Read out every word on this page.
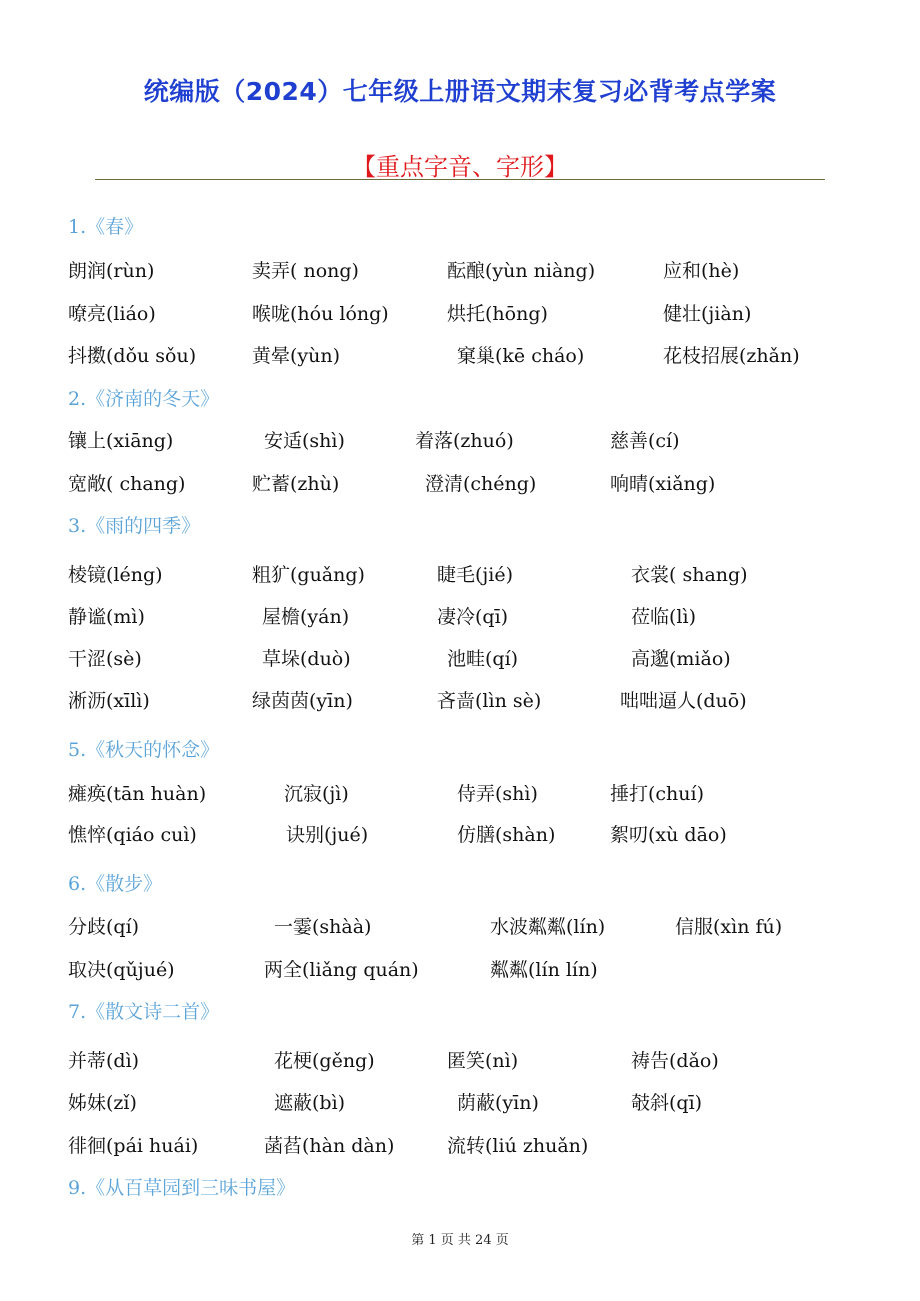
统编版（2024）七年级上册语文期末复习必背考点学案
【重点字音、字形】
1.《春》
朗润(rùn)	卖弄( nong)	酝酿(yùn niàng)	应和(hè)
嘹亮(liáo)	喉咙(hóu lóng)	烘托(hōng)	健壮(jiàn)
抖擞(dǒu sǒu)	黄晕(yùn)	窠巢(kē cháo)	花枝招展(zhǎn)
2.《济南的冬天》
镶上(xiāng)	安适(shì)	着落(zhuó)	慈善(cí)
宽敞( chang)	贮蓄(zhù)	澄清(chéng)	响晴(xiǎng)
3.《雨的四季》
棱镜(léng)	粗犷(guǎng)	睫毛(jié)	衣裳( shang)
静谧(mì)	屋檐(yán)	凄冷(qī)	莅临(lì)
干涩(sè)	草垛(duò)	池畦(qí)	高邈(miǎo)
淅沥(xīlì)	绿茵茵(yīn)	吝啬(lìn sè)	咄咄逼人(duō)
5.《秋天的怀念》
瘫痪(tān huàn)	沉寂(jì)	侍弄(shì)	捶打(chuí)
憔悴(qiáo cuì)	诀别(jué)	仿膳(shàn)	絮叨(xù dāo)
6.《散步》
分歧(qí)	一霎(shàà)	水波粼粼(lín)	信服(xìn fú)
取决(qǔjué)	两全(liǎng quán)	粼粼(lín lín)
7.《散文诗二首》
并蒂(dì)	花梗(gěng)	匿笑(nì)	祷告(dǎo)
姊妹(zǐ)	遮蔽(bì)	荫蔽(yīn)	攲斜(qī)
徘徊(pái huái)	菡萏(hàn dàn)	流转(liú zhuǎn)
9.《从百草园到三味书屋》
第 1 页 共 24 页
